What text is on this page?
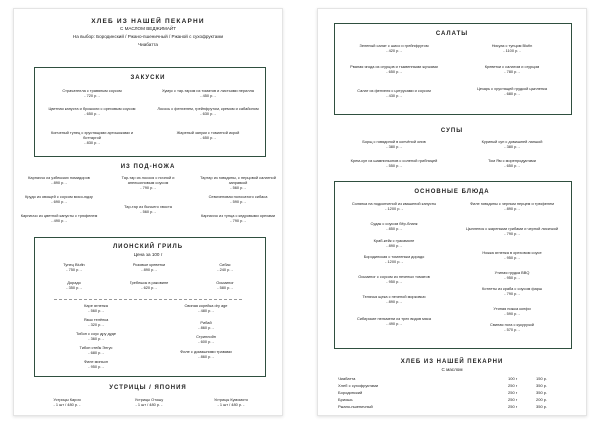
ХЛЕБ ИЗ НАШЕЙ ПЕКАРНИ
С МАСЛОМ ВЕДЖИМАЙТ
На выбор: Бородинский / Ржано-пшеничный / Ржаной с сухофруктами
Чиабатта
ЗАКУСКИ
Страчателла с травяным соусом
- 720 р. -
Цветная капуста и брокколи с ореховым соусом
- 650 р. -
Копченый тунец с хрустящими артишоками и боттаргой
- 830 р. -
Хумус с тар-таром из томатов и листьями перилла
- 450 р. -
Лосось с фенхелем, грейпфрутом, кремом и сабайоном
- 630 р. -
Жареный запуки с томатной икрой
- 650 р. -
ИЗ ПОД-НОЖА
Карпаччо из узбекских помидоров
- 890 р. -
Крудо из овощей с соусом мисо-юдзу
- 690 р. -
Карпаччо из цветной капусты с трюфелем
- 490 р. -
Тар-тар из лосося с ночной и апельсиновым соусом
- 790 р. -
Тар-тар из бычьего хвоста
- 560 р. -
Тартар из говядины, с перцовой салатной заправкой
- 560 р. -
Севиченовая полосатого сибаса
- 590 р. -
Карпаччо из тунца с кедровыми орехами
- 790 р. -
ЛИОНСКИЙ ГРИЛЬ
Цена за 100 г
Тунец Blufin
- 750 р. -
Дорадо
- 350 р. -
Розовые креветки
- 890 р. -
Гребешок в раковине
- 620 р. -
Сибас
- 240 р. -
Осьминог
- 580 р. -
Каре ягненка
- 560 р. -
Язык телёнка
- 320 р. -
Тибон с соус дру дуде
- 360 р. -
Тибон стейк Энгус
- 680 р. -
Филе миньон
- 950 р. -
Свиная корейка dry age
- 480 р. -
Рибай
- 860 р. -
Стриплойн
- 600 р. -
Филе с домашними травами
- 860 р. -
УСТРИЦЫ / ЯПОНИЯ
Устрицы Кароя
- 1 шт / 480 р. -
Устрицы Отошу
- 1 шт / 480 р. -
Устрицы Кумомото
- 1 шт / 480 р. -
САЛАТЫ
Зеленый салат с шисо и грейпфрутом
- 420 р. -
Рваная ягода из огурцов и тыквенными жучками
- 650 р. -
Салат из фенхеля с цитрусами и соусом
- 430 р. -
Нисуаз с тунцом Blufin
- 1100 р. -
Креветки с салатом и огурцом
- 780 р. -
Цезарь с хрустящей грудкой цыпленка
- 680 р. -
СУПЫ
Борщ с говядиной в копчёной олив
- 380 р. -
Крем-суп из шампиньонов с соленой грибницей
- 550 р. -
Куриный суп с домашней лапшой
- 380 р. -
Том Ям с морепродуктами
- 650 р. -
ОСНОВНЫЕ БЛЮДА
Солянка на подкопченой из квашеной капусты
- 1200 р. -
Судак с соусом бёр-бланк
- 850 р. -
Краб-кейк с гуакамоле
- 890 р. -
Бородинская с томленым дорадо
- 1200 р. -
Осьминог с соусом из печеных томатов
- 950 р. -
Телячья щека с печеной морковью
- 890 р. -
Сибирские пельмени из трех видов мяса
- 490 р. -
Филе говядины с черным перцем и трюфелем
- 890 р. -
Цыпленок с жареными грибами и черной лисичкой
- 790 р. -
Ножка ягненка в ореховом соусе
- 950 р. -
Утиная грудка BBQ
- 950 р. -
Котлеты из краба с соусом фарш
- 790 р. -
Утиная ножка конфи
- 590 р. -
Свиная нога с кукурузой
- 570 р. -
ХЛЕБ ИЗ НАШЕЙ ПЕКАРНИ
С маслом
Чиабатта	100 г	150 р.
Хлеб с сухофруктами	250 г	350 р.
Бородинский	250 г	350 р.
Бриошь	250 г	200 р.
Ржано-пшеничный	250 г	350 р.
